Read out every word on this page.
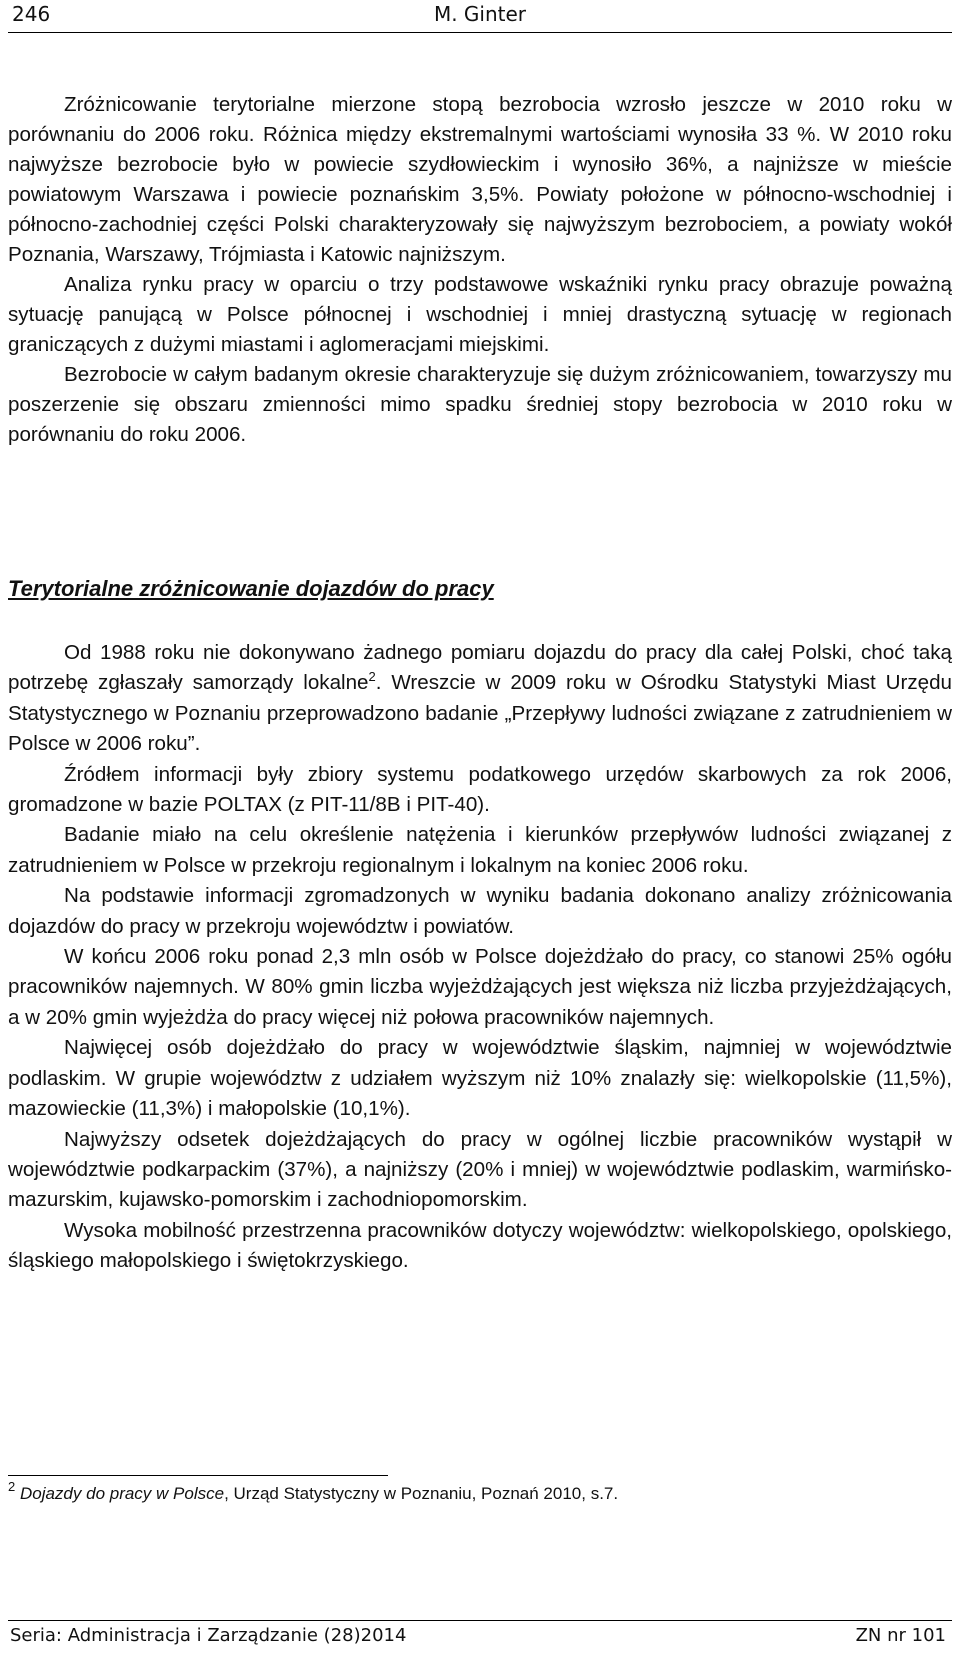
246	M. Ginter

Zróżnicowanie terytorialne mierzone stopą bezrobocia wzrosło jeszcze w 2010 roku w porównaniu do 2006 roku. Różnica między ekstremalnymi wartościami wynosiła 33 %. W 2010 roku najwyższe bezrobocie było w powiecie szydłowieckim i wynosiło 36%, a najniższe w mieście powiatowym Warszawa i powiecie poznańskim 3,5%. Powiaty położone w północno-wschodniej i północno-zachodniej części Polski charakteryzowały się najwyższym bezrobociem, a powiaty wokół Poznania, Warszawy, Trójmiasta i Katowic najniższym.

Analiza rynku pracy w oparciu o trzy podstawowe wskaźniki rynku pracy obrazuje poważną sytuację panującą w Polsce północnej i wschodniej i mniej drastyczną sytuację w regionach graniczących z dużymi miastami i aglomeracjami miejskimi.

Bezrobocie w całym badanym okresie charakteryzuje się dużym zróżnicowaniem, towarzyszy mu poszerzenie się obszaru zmienności mimo spadku średniej stopy bezrobocia w 2010 roku w porównaniu do roku 2006.

Terytorialne zróżnicowanie dojazdów do pracy

Od 1988 roku nie dokonywano żadnego pomiaru dojazdu do pracy dla całej Polski, choć taką potrzebę zgłaszały samorządy lokalne$^2$. Wreszcie w 2009 roku w Ośrodku Statystyki Miast Urzędu Statystycznego w Poznaniu przeprowadzono badanie „Przepływy ludności związane z zatrudnieniem w Polsce w 2006 roku”.

Źródłem informacji były zbiory systemu podatkowego urzędów skarbowych za rok 2006, gromadzone w bazie POLTAX (z PIT-11/8B i PIT-40).

Badanie miało na celu określenie natężenia i kierunków przepływów ludności związanej z zatrudnieniem w Polsce w przekroju regionalnym i lokalnym na koniec 2006 roku.

Na podstawie informacji zgromadzonych w wyniku badania dokonano analizy zróżnicowania dojazdów do pracy w przekroju województw i powiatów.

W końcu 2006 roku ponad 2,3 mln osób w Polsce dojeżdżało do pracy, co stanowi 25% ogółu pracowników najemnych. W 80% gmin liczba wyjeżdżających jest większa niż liczba przyjeżdżających, a w 20% gmin wyjeżdża do pracy więcej niż połowa pracowników najemnych.

Najwięcej osób dojeżdżało do pracy w województwie śląskim, najmniej w województwie podlaskim. W grupie województw z udziałem wyższym niż 10% znalazły się: wielkopolskie (11,5%), mazowieckie (11,3%) i małopolskie (10,1%).

Najwyższy odsetek dojeżdżających do pracy w ogólnej liczbie pracowników wystąpił w województwie podkarpackim (37%), a najniższy (20% i mniej) w województwie podlaskim, warmińsko-mazurskim, kujawsko-pomorskim i zachodniopomorskim.

Wysoka mobilność przestrzenna pracowników dotyczy województw: wielkopolskiego, opolskiego, śląskiego małopolskiego i świętokrzyskiego.

$^2$ Dojazdy do pracy w Polsce, Urząd Statystyczny w Poznaniu, Poznań 2010, s.7.
Seria: Administracja i Zarządzanie (28)2014	ZN nr 101
